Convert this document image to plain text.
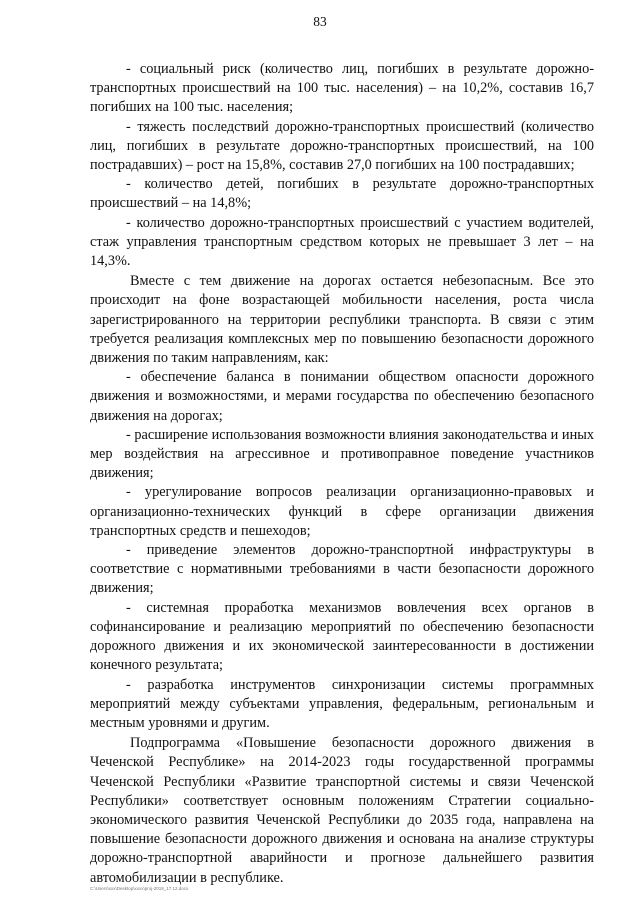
83

- социальный риск (количество лиц, погибших в результате дорожно-транспортных происшествий на 100 тыс. населения) – на 10,2%, составив 16,7 погибших на 100 тыс. населения;

- тяжесть последствий дорожно-транспортных происшествий (количество лиц, погибших в результате дорожно-транспортных происшествий, на 100 пострадавших) – рост на 15,8%, составив 27,0 погибших на 100 пострадавших;

- количество детей, погибших в результате дорожно-транспортных происшествий – на 14,8%;

- количество дорожно-транспортных происшествий с участием водителей, стаж управления транспортным средством которых не превышает 3 лет – на 14,3%.

Вместе с тем движение на дорогах остается небезопасным. Все это происходит на фоне возрастающей мобильности населения, роста числа зарегистрированного на территории республики транспорта. В связи с этим требуется реализация комплексных мер по повышению безопасности дорожного движения по таким направлениям, как:

- обеспечение баланса в понимании обществом опасности дорожного движения и возможностями, и мерами государства по обеспечению безопасного движения на дорогах;

- расширение использования возможности влияния законодательства и иных мер воздействия на агрессивное и противоправное поведение участников движения;

- урегулирование вопросов реализации организационно-правовых и организационно-технических функций в сфере организации движения транспортных средств и пешеходов;

- приведение элементов дорожно-транспортной инфраструктуры в соответствие с нормативными требованиями в части безопасности дорожного движения;

- системная проработка механизмов вовлечения всех органов в софинансирование и реализацию мероприятий по обеспечению безопасности дорожного движения и их экономической заинтересованности в достижении конечного результата;

- разработка инструментов синхронизации системы программных мероприятий между субъектами управления, федеральным, региональным и местным уровнями и другим.

Подпрограмма «Повышение безопасности дорожного движения в Чеченской Республике» на 2014-2023 годы государственной программы Чеченской Республики «Развитие транспортной системы и связи Чеченской Республики» соответствует основным положениям Стратегии социально-экономического развития Чеченской Республики до 2035 года, направлена на повышение безопасности дорожного движения и основана на анализе структуры дорожно-транспортной аварийности и прогнозе дальнейшего развития автомобилизации в республике.

С:\Users\xxx\Desktop\xxxx\proj-2019_17.12.docx
